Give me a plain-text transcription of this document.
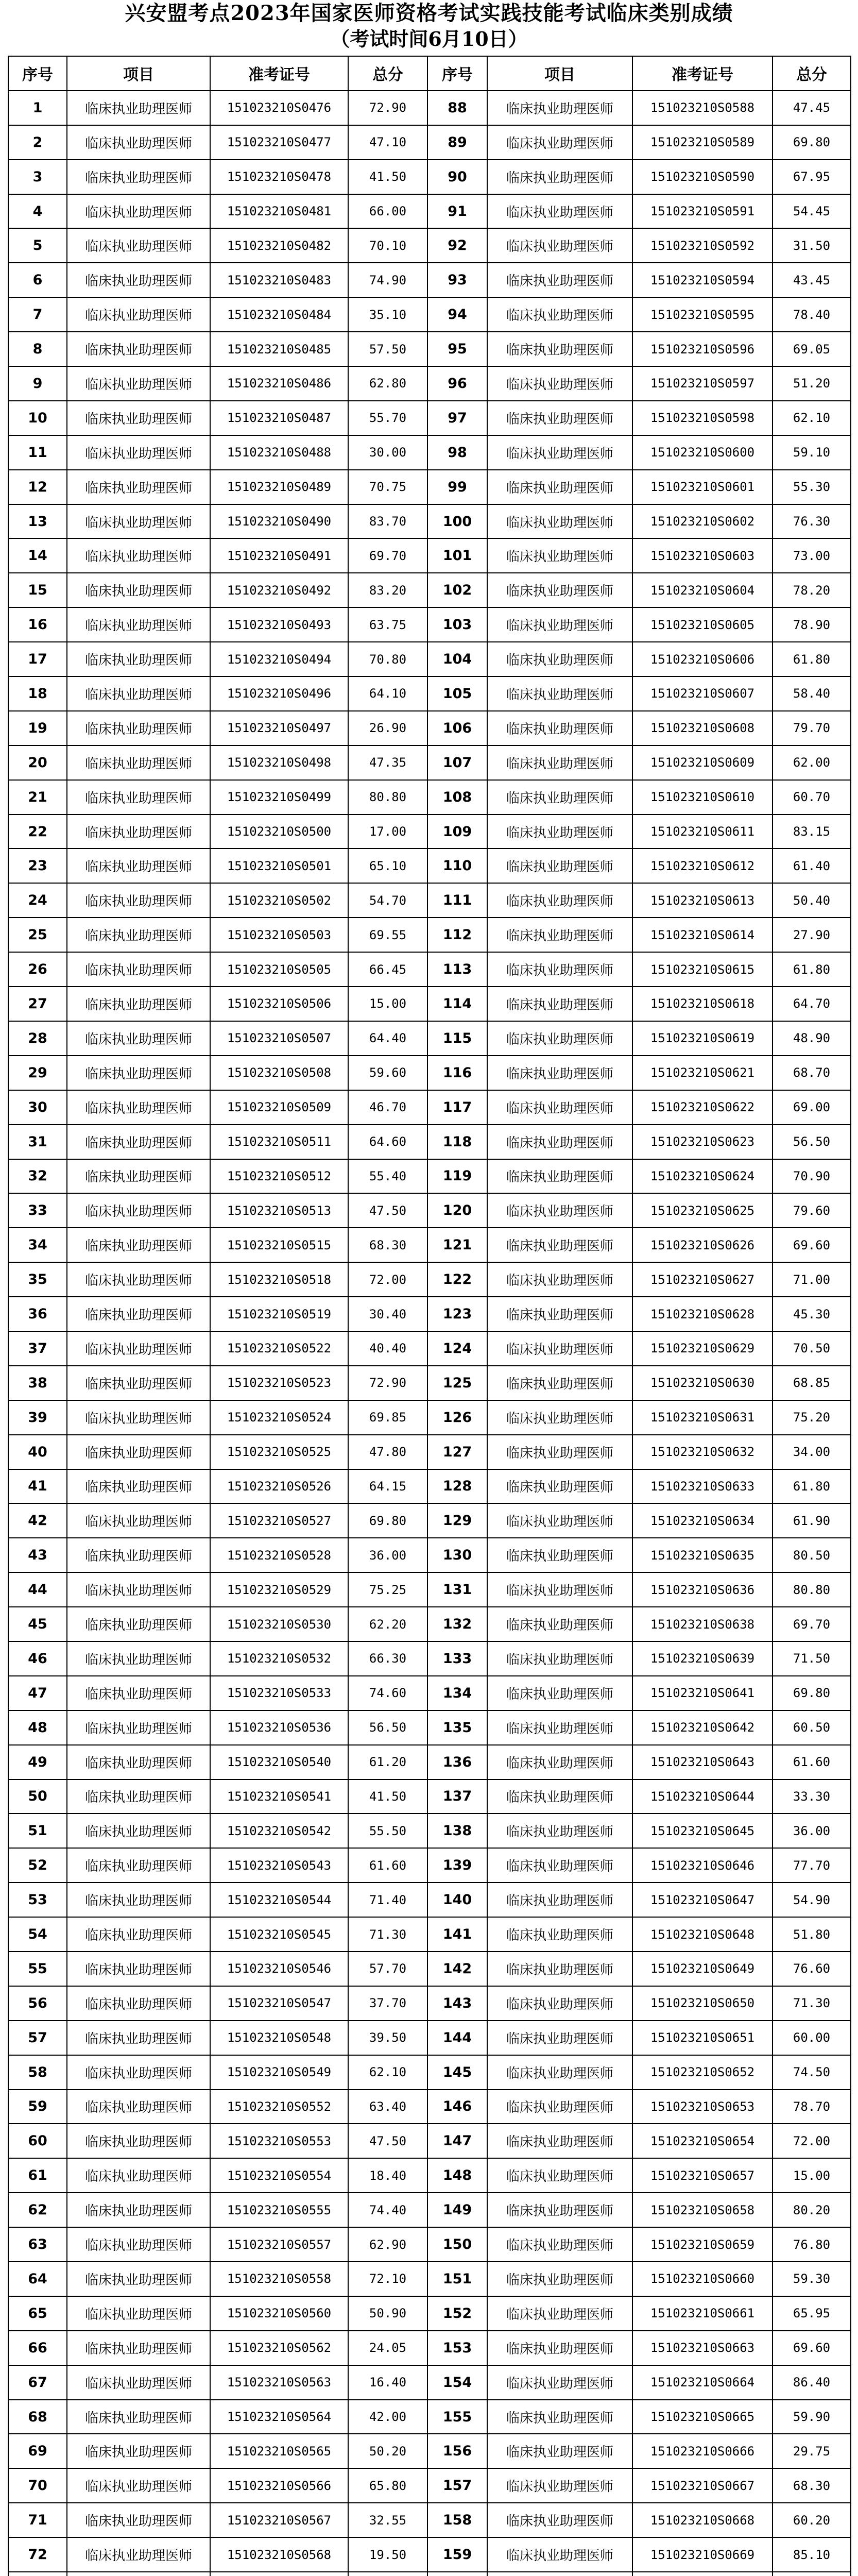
兴安盟考点2023年国家医师资格考试实践技能考试临床类别成绩
（考试时间6月10日）
序号	项目	准考证号	总分	序号	项目	准考证号	总分
1	临床执业助理医师	151023210S0476	72.90	88	临床执业助理医师	151023210S0588	47.45
2	临床执业助理医师	151023210S0477	47.10	89	临床执业助理医师	151023210S0589	69.80
3	临床执业助理医师	151023210S0478	41.50	90	临床执业助理医师	151023210S0590	67.95
4	临床执业助理医师	151023210S0481	66.00	91	临床执业助理医师	151023210S0591	54.45
5	临床执业助理医师	151023210S0482	70.10	92	临床执业助理医师	151023210S0592	31.50
6	临床执业助理医师	151023210S0483	74.90	93	临床执业助理医师	151023210S0594	43.45
7	临床执业助理医师	151023210S0484	35.10	94	临床执业助理医师	151023210S0595	78.40
8	临床执业助理医师	151023210S0485	57.50	95	临床执业助理医师	151023210S0596	69.05
9	临床执业助理医师	151023210S0486	62.80	96	临床执业助理医师	151023210S0597	51.20
10	临床执业助理医师	151023210S0487	55.70	97	临床执业助理医师	151023210S0598	62.10
11	临床执业助理医师	151023210S0488	30.00	98	临床执业助理医师	151023210S0600	59.10
12	临床执业助理医师	151023210S0489	70.75	99	临床执业助理医师	151023210S0601	55.30
13	临床执业助理医师	151023210S0490	83.70	100	临床执业助理医师	151023210S0602	76.30
14	临床执业助理医师	151023210S0491	69.70	101	临床执业助理医师	151023210S0603	73.00
15	临床执业助理医师	151023210S0492	83.20	102	临床执业助理医师	151023210S0604	78.20
16	临床执业助理医师	151023210S0493	63.75	103	临床执业助理医师	151023210S0605	78.90
17	临床执业助理医师	151023210S0494	70.80	104	临床执业助理医师	151023210S0606	61.80
18	临床执业助理医师	151023210S0496	64.10	105	临床执业助理医师	151023210S0607	58.40
19	临床执业助理医师	151023210S0497	26.90	106	临床执业助理医师	151023210S0608	79.70
20	临床执业助理医师	151023210S0498	47.35	107	临床执业助理医师	151023210S0609	62.00
21	临床执业助理医师	151023210S0499	80.80	108	临床执业助理医师	151023210S0610	60.70
22	临床执业助理医师	151023210S0500	17.00	109	临床执业助理医师	151023210S0611	83.15
23	临床执业助理医师	151023210S0501	65.10	110	临床执业助理医师	151023210S0612	61.40
24	临床执业助理医师	151023210S0502	54.70	111	临床执业助理医师	151023210S0613	50.40
25	临床执业助理医师	151023210S0503	69.55	112	临床执业助理医师	151023210S0614	27.90
26	临床执业助理医师	151023210S0505	66.45	113	临床执业助理医师	151023210S0615	61.80
27	临床执业助理医师	151023210S0506	15.00	114	临床执业助理医师	151023210S0618	64.70
28	临床执业助理医师	151023210S0507	64.40	115	临床执业助理医师	151023210S0619	48.90
29	临床执业助理医师	151023210S0508	59.60	116	临床执业助理医师	151023210S0621	68.70
30	临床执业助理医师	151023210S0509	46.70	117	临床执业助理医师	151023210S0622	69.00
31	临床执业助理医师	151023210S0511	64.60	118	临床执业助理医师	151023210S0623	56.50
32	临床执业助理医师	151023210S0512	55.40	119	临床执业助理医师	151023210S0624	70.90
33	临床执业助理医师	151023210S0513	47.50	120	临床执业助理医师	151023210S0625	79.60
34	临床执业助理医师	151023210S0515	68.30	121	临床执业助理医师	151023210S0626	69.60
35	临床执业助理医师	151023210S0518	72.00	122	临床执业助理医师	151023210S0627	71.00
36	临床执业助理医师	151023210S0519	30.40	123	临床执业助理医师	151023210S0628	45.30
37	临床执业助理医师	151023210S0522	40.40	124	临床执业助理医师	151023210S0629	70.50
38	临床执业助理医师	151023210S0523	72.90	125	临床执业助理医师	151023210S0630	68.85
39	临床执业助理医师	151023210S0524	69.85	126	临床执业助理医师	151023210S0631	75.20
40	临床执业助理医师	151023210S0525	47.80	127	临床执业助理医师	151023210S0632	34.00
41	临床执业助理医师	151023210S0526	64.15	128	临床执业助理医师	151023210S0633	61.80
42	临床执业助理医师	151023210S0527	69.80	129	临床执业助理医师	151023210S0634	61.90
43	临床执业助理医师	151023210S0528	36.00	130	临床执业助理医师	151023210S0635	80.50
44	临床执业助理医师	151023210S0529	75.25	131	临床执业助理医师	151023210S0636	80.80
45	临床执业助理医师	151023210S0530	62.20	132	临床执业助理医师	151023210S0638	69.70
46	临床执业助理医师	151023210S0532	66.30	133	临床执业助理医师	151023210S0639	71.50
47	临床执业助理医师	151023210S0533	74.60	134	临床执业助理医师	151023210S0641	69.80
48	临床执业助理医师	151023210S0536	56.50	135	临床执业助理医师	151023210S0642	60.50
49	临床执业助理医师	151023210S0540	61.20	136	临床执业助理医师	151023210S0643	61.60
50	临床执业助理医师	151023210S0541	41.50	137	临床执业助理医师	151023210S0644	33.30
51	临床执业助理医师	151023210S0542	55.50	138	临床执业助理医师	151023210S0645	36.00
52	临床执业助理医师	151023210S0543	61.60	139	临床执业助理医师	151023210S0646	77.70
53	临床执业助理医师	151023210S0544	71.40	140	临床执业助理医师	151023210S0647	54.90
54	临床执业助理医师	151023210S0545	71.30	141	临床执业助理医师	151023210S0648	51.80
55	临床执业助理医师	151023210S0546	57.70	142	临床执业助理医师	151023210S0649	76.60
56	临床执业助理医师	151023210S0547	37.70	143	临床执业助理医师	151023210S0650	71.30
57	临床执业助理医师	151023210S0548	39.50	144	临床执业助理医师	151023210S0651	60.00
58	临床执业助理医师	151023210S0549	62.10	145	临床执业助理医师	151023210S0652	74.50
59	临床执业助理医师	151023210S0552	63.40	146	临床执业助理医师	151023210S0653	78.70
60	临床执业助理医师	151023210S0553	47.50	147	临床执业助理医师	151023210S0654	72.00
61	临床执业助理医师	151023210S0554	18.40	148	临床执业助理医师	151023210S0657	15.00
62	临床执业助理医师	151023210S0555	74.40	149	临床执业助理医师	151023210S0658	80.20
63	临床执业助理医师	151023210S0557	62.90	150	临床执业助理医师	151023210S0659	76.80
64	临床执业助理医师	151023210S0558	72.10	151	临床执业助理医师	151023210S0660	59.30
65	临床执业助理医师	151023210S0560	50.90	152	临床执业助理医师	151023210S0661	65.95
66	临床执业助理医师	151023210S0562	24.05	153	临床执业助理医师	151023210S0663	69.60
67	临床执业助理医师	151023210S0563	16.40	154	临床执业助理医师	151023210S0664	86.40
68	临床执业助理医师	151023210S0564	42.00	155	临床执业助理医师	151023210S0665	59.90
69	临床执业助理医师	151023210S0565	50.20	156	临床执业助理医师	151023210S0666	29.75
70	临床执业助理医师	151023210S0566	65.80	157	临床执业助理医师	151023210S0667	68.30
71	临床执业助理医师	151023210S0567	32.55	158	临床执业助理医师	151023210S0668	60.20
72	临床执业助理医师	151023210S0568	19.50	159	临床执业助理医师	151023210S0669	85.10
